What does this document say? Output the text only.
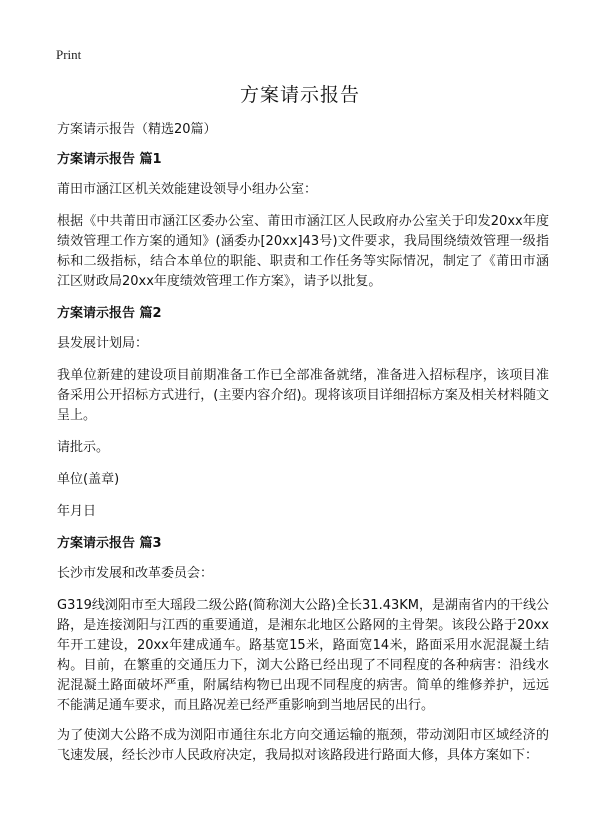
Print
方案请示报告

方案请示报告（精选20篇）

方案请示报告 篇1

莆田市涵江区机关效能建设领导小组办公室：

根据《中共莆田市涵江区委办公室、莆田市涵江区人民政府办公室关于印发20xx年度绩效管理工作方案的通知》(涵委办[20xx]43号)文件要求，我局围绕绩效管理一级指标和二级指标，结合本单位的职能、职责和工作任务等实际情况，制定了《莆田市涵江区财政局20xx年度绩效管理工作方案》，请予以批复。

方案请示报告 篇2

县发展计划局：

我单位新建的建设项目前期准备工作已全部准备就绪，准备进入招标程序，该项目准备采用公开招标方式进行，(主要内容介绍)。现将该项目详细招标方案及相关材料随文呈上。

请批示。

单位(盖章)

年月日

方案请示报告 篇3

长沙市发展和改革委员会：

G319线浏阳市至大瑶段二级公路(简称浏大公路)全长31.43KM，是湖南省内的干线公路，是连接浏阳与江西的重要通道，是湘东北地区公路网的主骨架。该段公路于20xx年开工建设，20xx年建成通车。路基宽15米，路面宽14米，路面采用水泥混凝土结构。目前，在繁重的交通压力下，浏大公路已经出现了不同程度的各种病害：沿线水泥混凝土路面破坏严重，附属结构物已出现不同程度的病害。简单的维修养护，远远不能满足通车要求，而且路况差已经严重影响到当地居民的出行。

为了使浏大公路不成为浏阳市通往东北方向交通运输的瓶颈，带动浏阳市区域经济的飞速发展，经长沙市人民政府决定，我局拟对该路段进行路面大修，具体方案如下：
